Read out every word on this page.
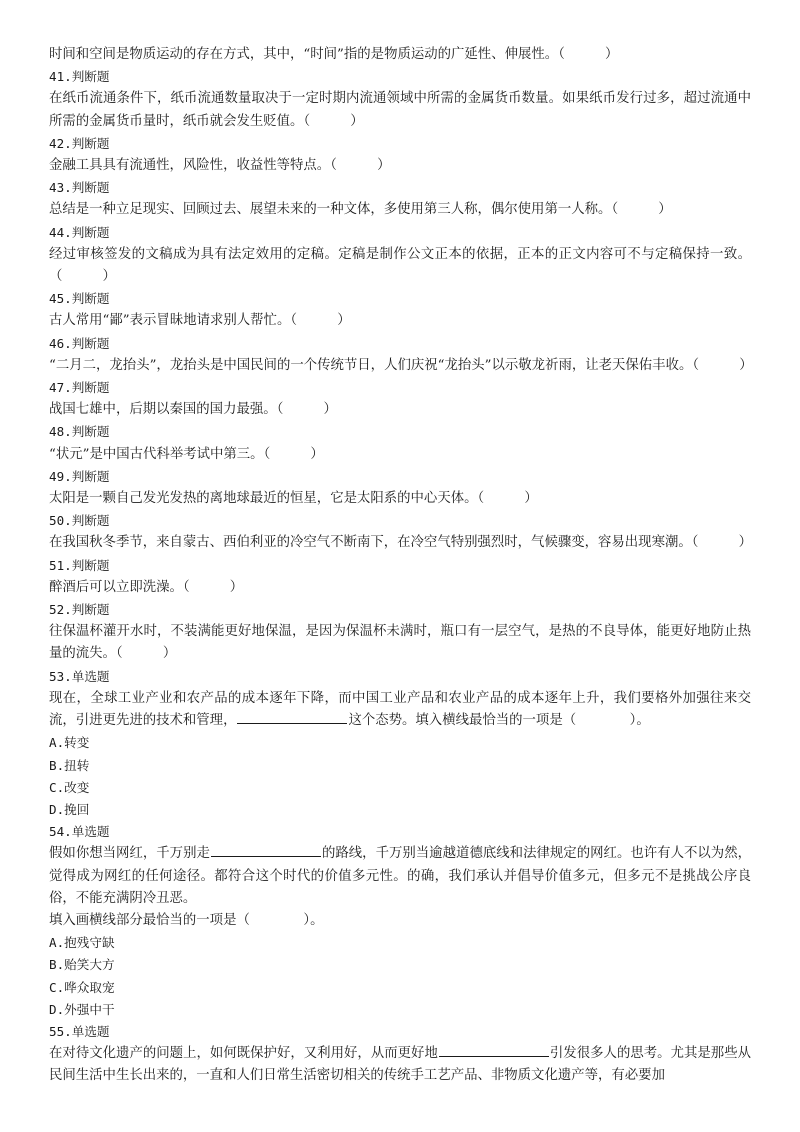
时间和空间是物质运动的存在方式，其中，“时间”指的是物质运动的广延性、伸展性。（　　　）
41.判断题
在纸币流通条件下，纸币流通数量取决于一定时期内流通领域中所需的金属货币数量。如果纸币发行过多，超过流通中所需的金属货币量时，纸币就会发生贬值。（　　　）
42.判断题
金融工具具有流通性，风险性，收益性等特点。（　　　）
43.判断题
总结是一种立足现实、回顾过去、展望未来的一种文体，多使用第三人称，偶尔使用第一人称。（　　　）
44.判断题
经过审核签发的文稿成为具有法定效用的定稿。定稿是制作公文正本的依据，正本的正文内容可不与定稿保持一致。（　　　）
45.判断题
古人常用“鄙”表示冒昧地请求别人帮忙。（　　　）
46.判断题
“二月二，龙抬头”，龙抬头是中国民间的一个传统节日，人们庆祝“龙抬头”以示敬龙祈雨，让老天保佑丰收。（　　　）
47.判断题
战国七雄中，后期以秦国的国力最强。（　　　）
48.判断题
“状元”是中国古代科举考试中第三。（　　　）
49.判断题
太阳是一颗自己发光发热的离地球最近的恒星，它是太阳系的中心天体。（　　　）
50.判断题
在我国秋冬季节，来自蒙古、西伯利亚的冷空气不断南下，在冷空气特别强烈时，气候骤变，容易出现寒潮。（　　　）
51.判断题
醉酒后可以立即洗澡。（　　　）
52.判断题
往保温杯灌开水时，不装满能更好地保温，是因为保温杯未满时，瓶口有一层空气，是热的不良导体，能更好地防止热量的流失。（　　　）
53.单选题
现在，全球工业产业和农产品的成本逐年下降，而中国工业产品和农业产品的成本逐年上升，我们要格外加强往来交流，引进更先进的技术和管理，	这个态势。填入横线最恰当的一项是（　　　　）。
A.转变
B.扭转
C.改变
D.挽回
54.单选题
假如你想当网红，千万别走	的路线，千万别当逾越道德底线和法律规定的网红。也许有人不以为然，觉得成为网红的任何途径。都符合这个时代的价值多元性。的确，我们承认并倡导价值多元，但多元不是挑战公序良俗，不能充满阴冷丑恶。
填入画横线部分最恰当的一项是（　　　　）。
A.抱残守缺
B.贻笑大方
C.哗众取宠
D.外强中干
55.单选题
在对待文化遗产的问题上，如何既保护好，又利用好，从而更好地	引发很多人的思考。尤其是那些从民间生活中生长出来的，一直和人们日常生活密切相关的传统手工艺产品、非物质文化遗产等，有必要加
